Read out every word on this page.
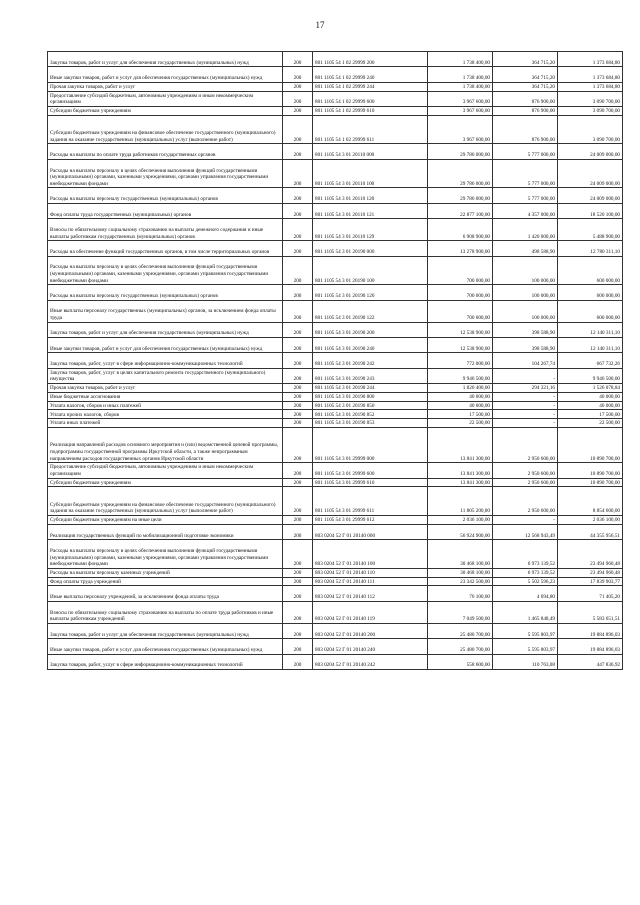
17
Закупка товаров, работ и услуг для обеспечения государственных (муниципальных) нужд	200	801 1105 54 1 02 29999 200	1 738 400,00	364 715,20	1 373 684,80
Иные закупки товаров, работ и услуг для обеспечения государственных (муниципальных) нужд	200	801 1105 54 1 02 29999 240	1 738 400,00	364 715,20	1 373 684,80
Прочая закупка товаров, работ и услуг	200	801 1105 54 1 02 29999 244	1 738 400,00	364 715,20	1 373 684,80
Предоставление субсидий бюджетным, автономным учреждениям и иным некоммерческим организациям	200	801 1105 54 1 02 29999 600	3 967 600,00	876 900,00	3 090 700,00
Субсидии бюджетным учреждениям	200	801 1105 54 1 02 29999 610	3 967 600,00	876 900,00	3 090 700,00
Субсидии бюджетным учреждениям на финансовое обеспечение государственного (муниципального) задания на оказание государственных (муниципальных) услуг (выполнение работ)	200	801 1105 54 1 02 29999 611	3 967 600,00	876 900,00	3 090 700,00
Расходы на выплаты по оплате труда работников государственных органов	200	801 1105 54 3 01 20110 000	29 786 000,00	5 777 000,00	24 009 000,00
Расходы на выплаты персоналу в целях обеспечения выполнения функций государственными (муниципальными) органами, казенными учреждениями, органами управления государственными внебюджетными фондами	200	801 1105 54 3 01 20110 100	29 786 000,00	5 777 000,00	24 009 000,00
Расходы на выплаты персоналу государственных (муниципальных) органов	200	801 1105 54 3 01 20110 120	29 786 000,00	5 777 000,00	24 009 000,00
Фонд оплаты труда государственных (муниципальных) органов	200	801 1105 54 3 01 20110 121	22 877 100,00	4 357 000,00	18 520 100,00
Взносы по обязательному социальному страхованию на выплаты денежного содержания и иные выплаты работникам государственных (муниципальных) органов	200	801 1105 54 3 01 20110 129	6 908 900,00	1 420 000,00	5 488 900,00
Расходы на обеспечение функций государственных органов, в том числе территориальных органов	200	801 1105 54 3 01 20190 000	13 278 900,00	498 588,90	12 780 311,10
Расходы на выплаты персоналу в целях обеспечения выполнения функций государственными (муниципальными) органами, казенными учреждениями, органами управления государственными внебюджетными фондами	200	801 1105 54 3 01 20190 100	700 000,00	100 000,00	600 000,00
Расходы на выплаты персоналу государственных (муниципальных) органов	200	801 1105 54 3 01 20190 120	700 000,00	100 000,00	600 000,00
Иные выплаты персоналу государственных (муниципальных) органов, за исключением фонда оплаты труда	200	801 1105 54 3 01 20190 122	700 000,00	100 000,00	600 000,00
Закупка товаров, работ и услуг для обеспечения государственных (муниципальных) нужд	200	801 1105 54 3 01 20190 200	12 538 900,00	398 588,90	12 140 311,10
Иные закупки товаров, работ и услуг для обеспечения государственных (муниципальных) нужд	200	801 1105 54 3 01 20190 240	12 538 900,00	398 588,90	12 140 311,10
Закупка товаров, работ, услуг в сфере информационно-коммуникационных технологий	200	801 1105 54 3 01 20190 242	772 000,00	104 267,74	667 732,26
Закупка товаров, работ, услуг в целях капитального ремонта государственного (муниципального) имущества	200	801 1105 54 3 01 20190 243	9 946 500,00	-	9 946 500,00
Прочая закупка товаров, работ и услуг	200	801 1105 54 3 01 20190 244	1 820 400,00	294 321,16	1 526 078,84
Иные бюджетные ассигнования	200	801 1105 54 3 01 20190 800	40 000,00	-	40 000,00
Уплата налогов, сборов и иных платежей	200	801 1105 54 3 01 20190 850	40 000,00	-	40 000,00
Уплата прочих налогов, сборов	200	801 1105 54 3 01 20190 852	17 500,00	-	17 500,00
Уплата иных платежей	200	801 1105 54 3 01 20190 853	22 500,00	-	22 500,00
Реализация направлений расходов основного мероприятия и (или) ведомственной целевой программы, подпрограммы государственной программы Иркутской области, а также непрограммным направлениям расходов государственных органов Иркутской области	200	801 1105 54 3 01 29999 000	13 841 300,00	2 950 600,00	10 890 700,00
Предоставление субсидий бюджетным, автономным учреждениям и иным некоммерческим организациям	200	801 1105 54 3 01 29999 600	13 841 300,00	2 950 600,00	10 890 700,00
Субсидии бюджетным учреждениям	200	801 1105 54 3 01 29999 610	13 841 300,00	2 950 600,00	10 890 700,00
Субсидии бюджетным учреждениям на финансовое обеспечение государственного (муниципального) задания на оказание государственных (муниципальных) услуг (выполнение работ)	200	801 1105 54 3 01 29999 611	11 805 200,00	2 950 600,00	8 854 600,00
Субсидии бюджетным учреждениям на иные цели	200	801 1105 54 3 01 29999 612	2 036 100,00	-	2 036 100,00
Реализация государственных функций по мобилизационной подготовке экономики	200	803 0204 52 Г 01 20140 000	56 924 900,00	12 568 943,49	44 355 956,51
Расходы на выплаты персоналу в целях обеспечения выполнения функций государственными (муниципальными) органами, казенными учреждениями, органами управления государственными внебюджетными фондами	200	803 0204 52 Г 01 20140 100	30 468 100,00	6 973 139,52	23 494 960,48
Расходы на выплаты персоналу казенных учреждений	200	803 0204 52 Г 01 20140 110	30 468 100,00	6 973 139,52	23 494 960,48
Фонд оплаты труда учреждений	200	803 0204 52 Г 01 20140 111	23 342 500,00	5 502 596,23	17 839 903,77
Иные выплаты персоналу учреждений, за исключением фонда оплаты труда	200	803 0204 52 Г 01 20140 112	76 100,00	4 694,80	71 405,20
Взносы по обязательному социальному страхованию на выплаты по оплате труда работников и иные выплаты работникам учреждений	200	803 0204 52 Г 01 20140 119	7 049 500,00	1 465 848,49	5 583 651,51
Закупка товаров, работ и услуг для обеспечения государственных (муниципальных) нужд	200	803 0204 52 Г 01 20140 200	25 480 700,00	5 595 803,97	19 884 896,03
Иные закупки товаров, работ и услуг для обеспечения государственных (муниципальных) нужд	200	803 0204 52 Г 01 20140 240	25 480 700,00	5 595 803,97	19 884 896,03
Закупка товаров, работ, услуг в сфере информационно-коммуникационных технологий	200	803 0204 52 Г 01 20140 242	558 600,00	110 763,08	447 836,92
